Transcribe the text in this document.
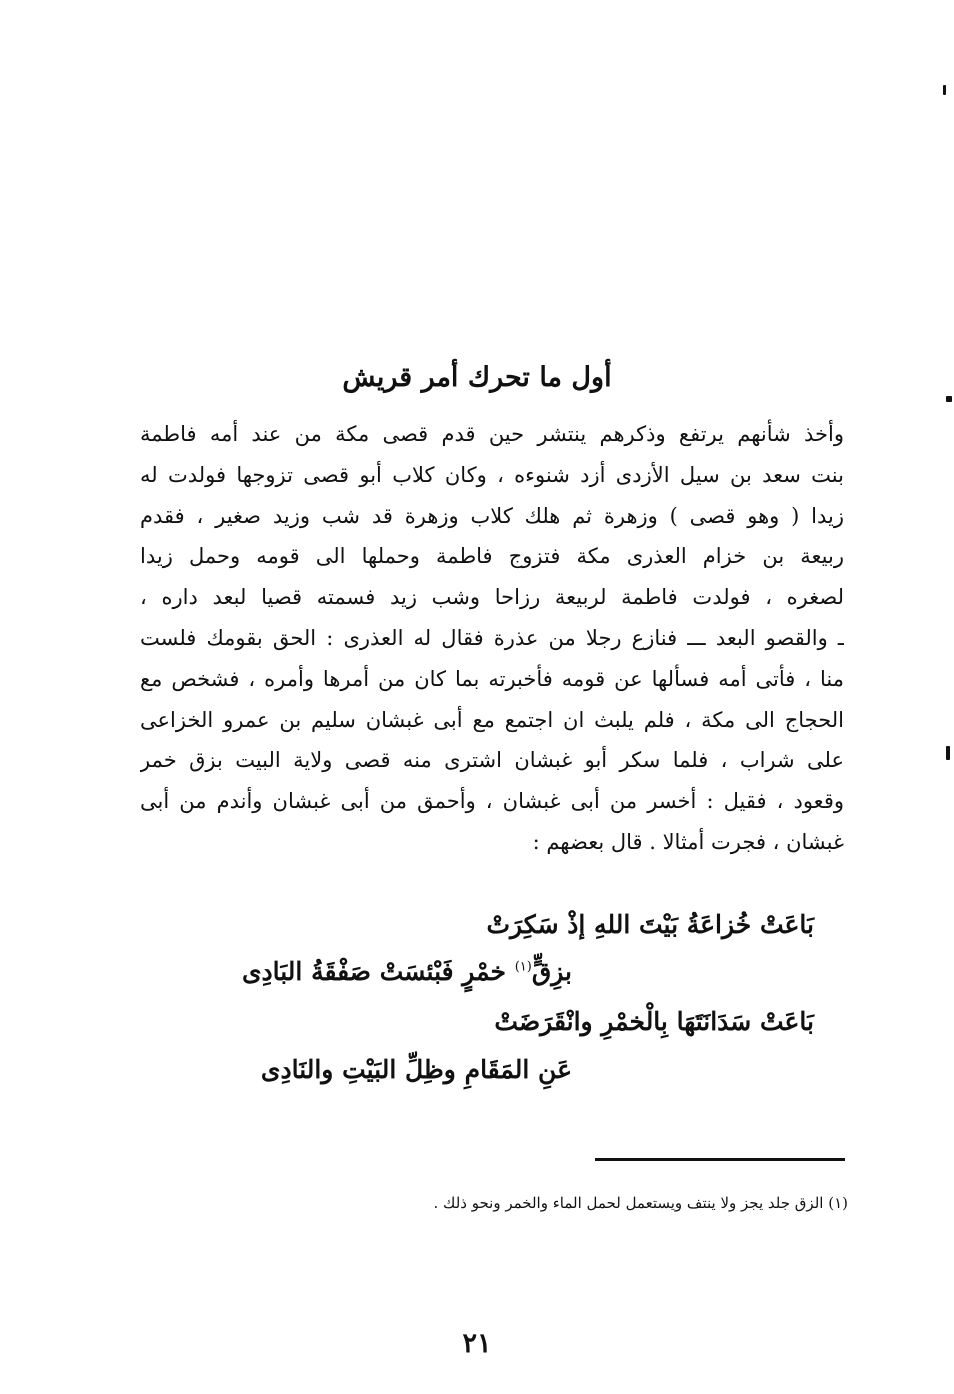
أول ما تحرك أمر قريش
وأخذ شأنهم يرتفع وذكرهم ينتشر حين قدم قصى مكة من عند أمه فاطمة
بنت سعد بن سيل الأزدى أزد شنوءه ، وكان كلاب أبو قصى تزوجها فولدت له
زيدا ( وهو قصى ) وزهرة ثم هلك كلاب وزهرة قد شب وزيد صغير ، فقدم
ربيعة بن خزام العذرى مكة فتزوج فاطمة وحملها الى قومه وحمل زيدا
لصغره ، فولدت فاطمة لربيعة رزاحا وشب زيد فسمته قصيا لبعد داره ،
ـ والقصو البعد ـــ فنازع رجلا من عذرة فقال له العذرى : الحق بقومك فلست
منا ، فأتى أمه فسألها عن قومه فأخبرته بما كان من أمرها وأمره ، فشخص مع
الحجاج الى مكة ، فلم يلبث ان اجتمع مع أبى غبشان سليم بن عمرو الخزاعى
على شراب ، فلما سكر أبو غبشان اشترى منه قصى ولاية البيت بزق خمر
وقعود ، فقيل : أخسر من أبى غبشان ، وأحمق من أبى غبشان وأندم من أبى
غبشان ، فجرت أمثالا . قال بعضهم :
بَاعَتْ خُزاعَةُ بَيْتَ اللهِ إذْ سَكِرَتْ
بزِقٍّ$^{(١)}$ خمْرٍ فَبْئسَتْ صَفْقَةُ البَادِى
بَاعَتْ سَدَانَتَهَا بِالْخمْرِ وانْقَرَضَتْ
عَنِ المَقَامِ وظِلِّ البَيْتِ والنَادِى
(١) الزق جلد يجز ولا ينتف ويستعمل لحمل الماء والخمر ونحو ذلك .
٢١
